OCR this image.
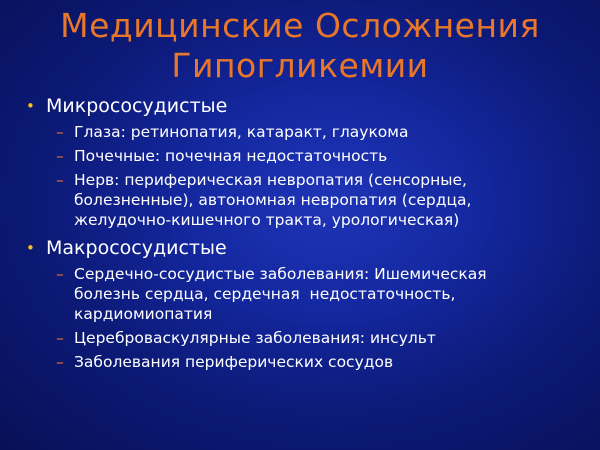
Медицинские Осложнения
Гипогликемии
• Микрососудистые
– Глаза: ретинопатия, катаракт, глаукома
– Почечные: почечная недостаточность
– Нерв: периферическая невропатия (сенсорные,
болезненные), автономная невропатия (сердца,
желудочно-кишечного тракта, урологическая)
• Макрососудистые
– Сердечно-сосудистые заболевания: Ишемическая
болезнь сердца, сердечная  недостаточность,
кардиомиопатия
– Цереброваскулярные заболевания: инсульт
– Заболевания периферических сосудов
